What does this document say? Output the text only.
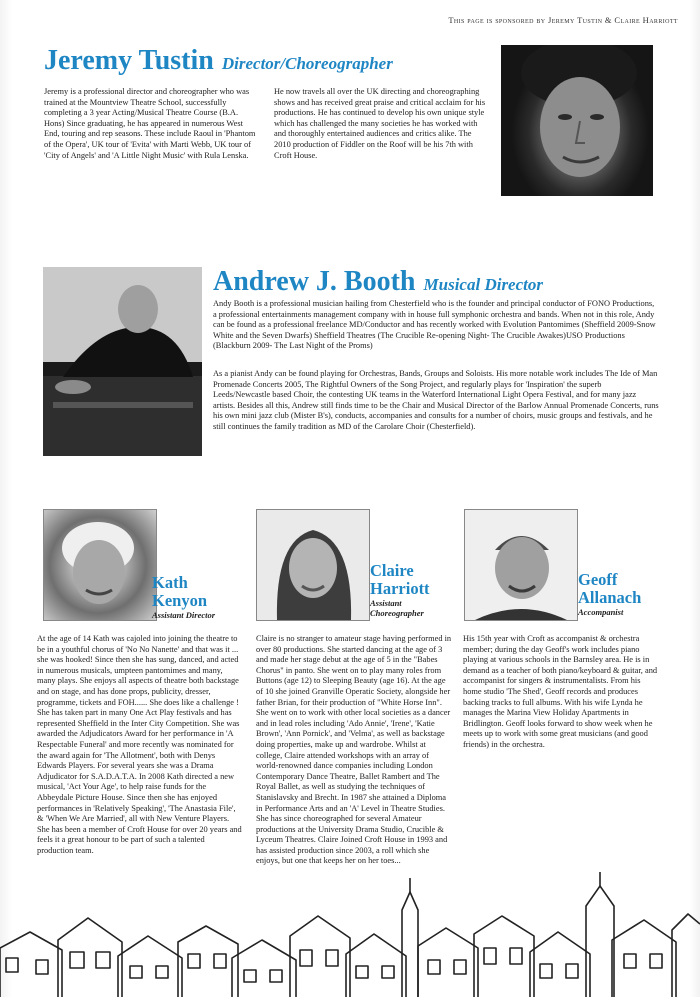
This page is sponsored by Jeremy Tustin & Claire Harriott
Jeremy Tustin Director/Choreographer
Jeremy is a professional director and choreographer who was trained at the Mountview Theatre School, successfully completing a 3 year Acting/Musical Theatre Course (B.A. Hons) Since graduating, he has appeared in numerous West End, touring and rep seasons. These include Raoul in 'Phantom of the Opera', UK tour of 'Evita' with Marti Webb, UK tour of 'City of Angels' and 'A Little Night Music' with Rula Lenska.
He now travels all over the UK directing and choreographing shows and has received great praise and critical acclaim for his productions. He has continued to develop his own unique style which has challenged the many societies he has worked with and thoroughly entertained audiences and critics alike. The 2010 production of Fiddler on the Roof will be his 7th with Croft House.
Andrew J. Booth Musical Director
Andy Booth is a professional musician hailing from Chesterfield who is the founder and principal conductor of FONO Productions, a professional entertainments management company with in house full symphonic orchestra and bands. When not in this role, Andy can be found as a professional freelance MD/Conductor and has recently worked with Evolution Pantomimes (Sheffield 2009-Snow White and the Seven Dwarfs) Sheffield Theatres (The Crucible Re-opening Night- The Crucible Awakes)USO Productions (Blackburn 2009- The Last Night of the Proms)
As a pianist Andy can be found playing for Orchestras, Bands, Groups and Soloists. His more notable work includes The Ide of Man Promenade Concerts 2005, The Rightful Owners of the Song Project, and regularly plays for 'Inspiration' the superb Leeds/Newcastle based Choir, the contesting UK teams in the Waterford International Light Opera Festival, and for many jazz artists. Besides all this, Andrew still finds time to be the Chair and Musical Director of the Barlow Annual Promenade Concerts, runs his own mini jazz club (Mister B's), conducts, accompanies and consults for a number of choirs, music groups and festivals, and he still continues the family tradition as MD of the Carolare Choir (Chesterfield).
Kath
Kenyon
Assistant Director
Claire
Harriott
Assistant
Choreographer
Geoff
Allanach
Accompanist
At the age of 14 Kath was cajoled into joining the theatre to be in a youthful chorus of 'No No Nanette' and that was it ... she was hooked! Since then she has sung, danced, and acted in numerous musicals, umpteen pantomimes and many, many plays. She enjoys all aspects of theatre both backstage and on stage, and has done props, publicity, dresser, programme, tickets and FOH...... She does like a challenge ! She has taken part in many One Act Play festivals and has represented Sheffield in the Inter City Competition. She was awarded the Adjudicators Award for her performance in 'A Respectable Funeral' and more recently was nominated for the award again for 'The Allotment', both with Denys Edwards Players. For several years she was a Drama Adjudicator for S.A.D.A.T.A. In 2008 Kath directed a new musical, 'Act Your Age', to help raise funds for the Abbeydale Picture House. Since then she has enjoyed performances in 'Relatively Speaking', 'The Anastasia File', & 'When We Are Married', all with New Venture Players. She has been a member of Croft House for over 20 years and feels it a great honour to be part of such a talented production team.
Claire is no stranger to amateur stage having performed in over 80 productions. She started dancing at the age of 3 and made her stage debut at the age of 5 in the "Babes Chorus" in panto. She went on to play many roles from Buttons (age 12) to Sleeping Beauty (age 16). At the age of 10 she joined Granville Operatic Society, alongside her father Brian, for their production of "White Horse Inn". She went on to work with other local societies as a dancer and in lead roles including 'Ado Annie', 'Irene', 'Katie Brown', 'Ann Pornick', and 'Velma', as well as backstage doing properties, make up and wardrobe. Whilst at college, Claire attended workshops with an array of world-renowned dance companies including London Contemporary Dance Theatre, Ballet Rambert and The Royal Ballet, as well as studying the techniques of Stanislavsky and Brecht. In 1987 she attained a Diploma in Performance Arts and an 'A' Level in Theatre Studies. She has since choreographed for several Amateur productions at the University Drama Studio, Crucible & Lyceum Theatres. Claire Joined Croft House in 1993 and has assisted production since 2003, a roll which she enjoys, but one that keeps her on her toes...
His 15th year with Croft as accompanist & orchestra member; during the day Geoff's work includes piano playing at various schools in the Barnsley area. He is in demand as a teacher of both piano/keyboard & guitar, and accompanist for singers & instrumentalists. From his home studio 'The Shed', Geoff records and produces backing tracks to full albums. With his wife Lynda he manages the Marina View Holiday Apartments in Bridlington. Geoff looks forward to show week when he meets up to work with some great musicians (and good friends) in the orchestra.
